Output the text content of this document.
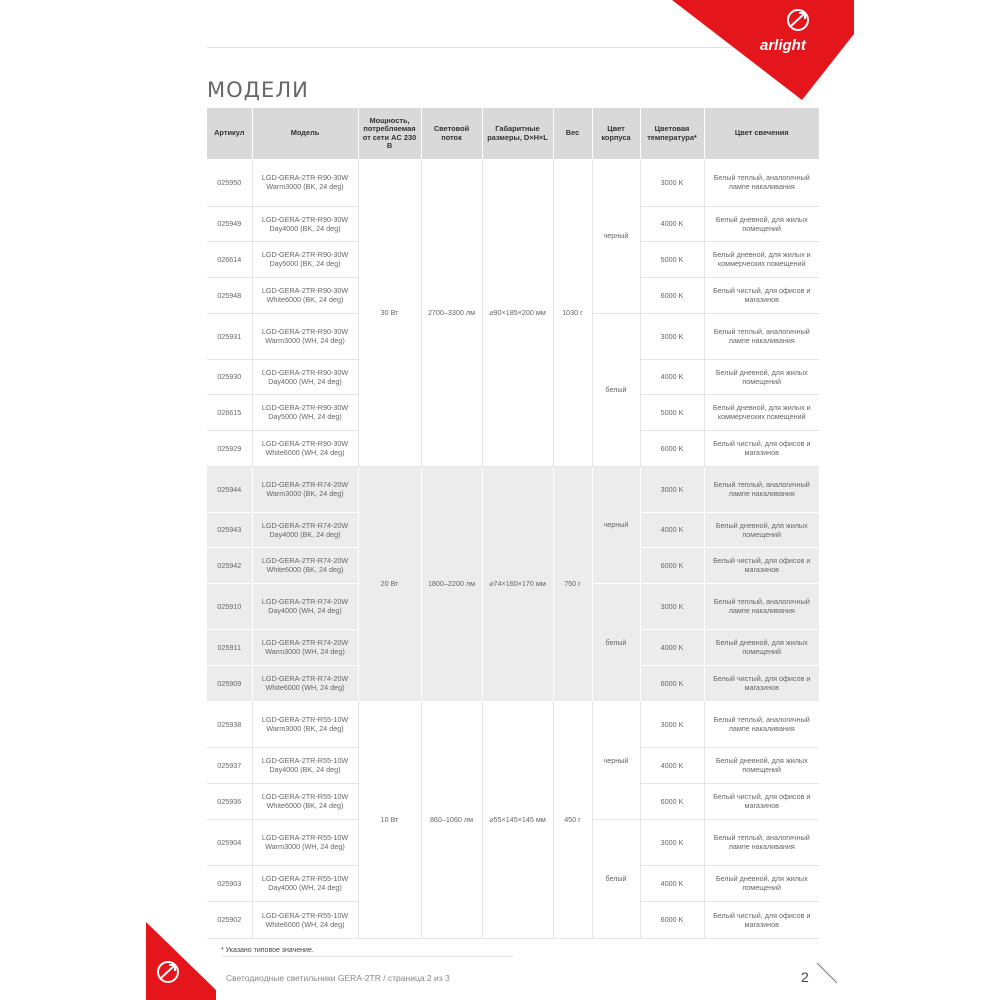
arlight
МОДЕЛИ
Артикул	Модель	Мощность, потребляемая от сети AC 230 В	Световой поток	Габаритные размеры, D×H×L	Вес	Цвет корпуса	Цветовая температура*	Цвет свечения
025950	LGD-GERA-2TR-R90-30W Warm3000 (BK, 24 deg)	30 Вт	2700–3300 лм	⌀90×185×200 мм	1030 г	черный	3000 K	Белый теплый, аналогичный лампе накаливания
025949	LGD-GERA-2TR-R90-30W Day4000 (BK, 24 deg)						4000 K	Белый дневной, для жилых помещений
026614	LGD-GERA-2TR-R90-30W Day5000 (BK, 24 deg)						5000 K	Белый дневной, для жилых и коммерческих помещений
025948	LGD-GERA-2TR-R90-30W White6000 (BK, 24 deg)						6000 K	Белый чистый, для офисов и магазинов
025931	LGD-GERA-2TR-R90-30W Warm3000 (WH, 24 deg)					белый	3000 K	Белый теплый, аналогичный лампе накаливания
025930	LGD-GERA-2TR-R90-30W Day4000 (WH, 24 deg)						4000 K	Белый дневной, для жилых помещений
026615	LGD-GERA-2TR-R90-30W Day5000 (WH, 24 deg)						5000 K	Белый дневной, для жилых и коммерческих помещений
025929	LGD-GERA-2TR-R90-30W White6000 (WH, 24 deg)						6000 K	Белый чистый, для офисов и магазинов
025944	LGD-GERA-2TR-R74-20W Warm3000 (BK, 24 deg)	20 Вт	1800–2200 лм	⌀74×160×170 мм	750 г	черный	3000 K	Белый теплый, аналогичный лампе накаливания
025943	LGD-GERA-2TR-R74-20W Day4000 (BK, 24 deg)						4000 K	Белый дневной, для жилых помещений
025942	LGD-GERA-2TR-R74-20W White6000 (BK, 24 deg)						6000 K	Белый чистый, для офисов и магазинов
025910	LGD-GERA-2TR-R74-20W Day4000 (WH, 24 deg)					белый	3000 K	Белый теплый, аналогичный лампе накаливания
025911	LGD-GERA-2TR-R74-20W Warm3000 (WH, 24 deg)						4000 K	Белый дневной, для жилых помещений
025909	LGD-GERA-2TR-R74-20W White6000 (WH, 24 deg)						6000 K	Белый чистый, для офисов и магазинов
025938	LGD-GERA-2TR-R55-10W Warm3000 (BK, 24 deg)	10 Вт	860–1060 лм	⌀55×145×145 мм	450 г	черный	3000 K	Белый теплый, аналогичный лампе накаливания
025937	LGD-GERA-2TR-R55-10W Day4000 (BK, 24 deg)						4000 K	Белый дневной, для жилых помещений
025936	LGD-GERA-2TR-R55-10W White6000 (BK, 24 deg)						6000 K	Белый чистый, для офисов и магазинов
025904	LGD-GERA-2TR-R55-10W Warm3000 (WH, 24 deg)					белый	3000 K	Белый теплый, аналогичный лампе накаливания
025903	LGD-GERA-2TR-R55-10W Day4000 (WH, 24 deg)						4000 K	Белый дневной, для жилых помещений
025902	LGD-GERA-2TR-R55-10W White6000 (WH, 24 deg)						6000 K	Белый чистый, для офисов и магазинов
* Указано типовое значение.
Светодиодные светильники GERA-2TR / страница 2 из 3	2
